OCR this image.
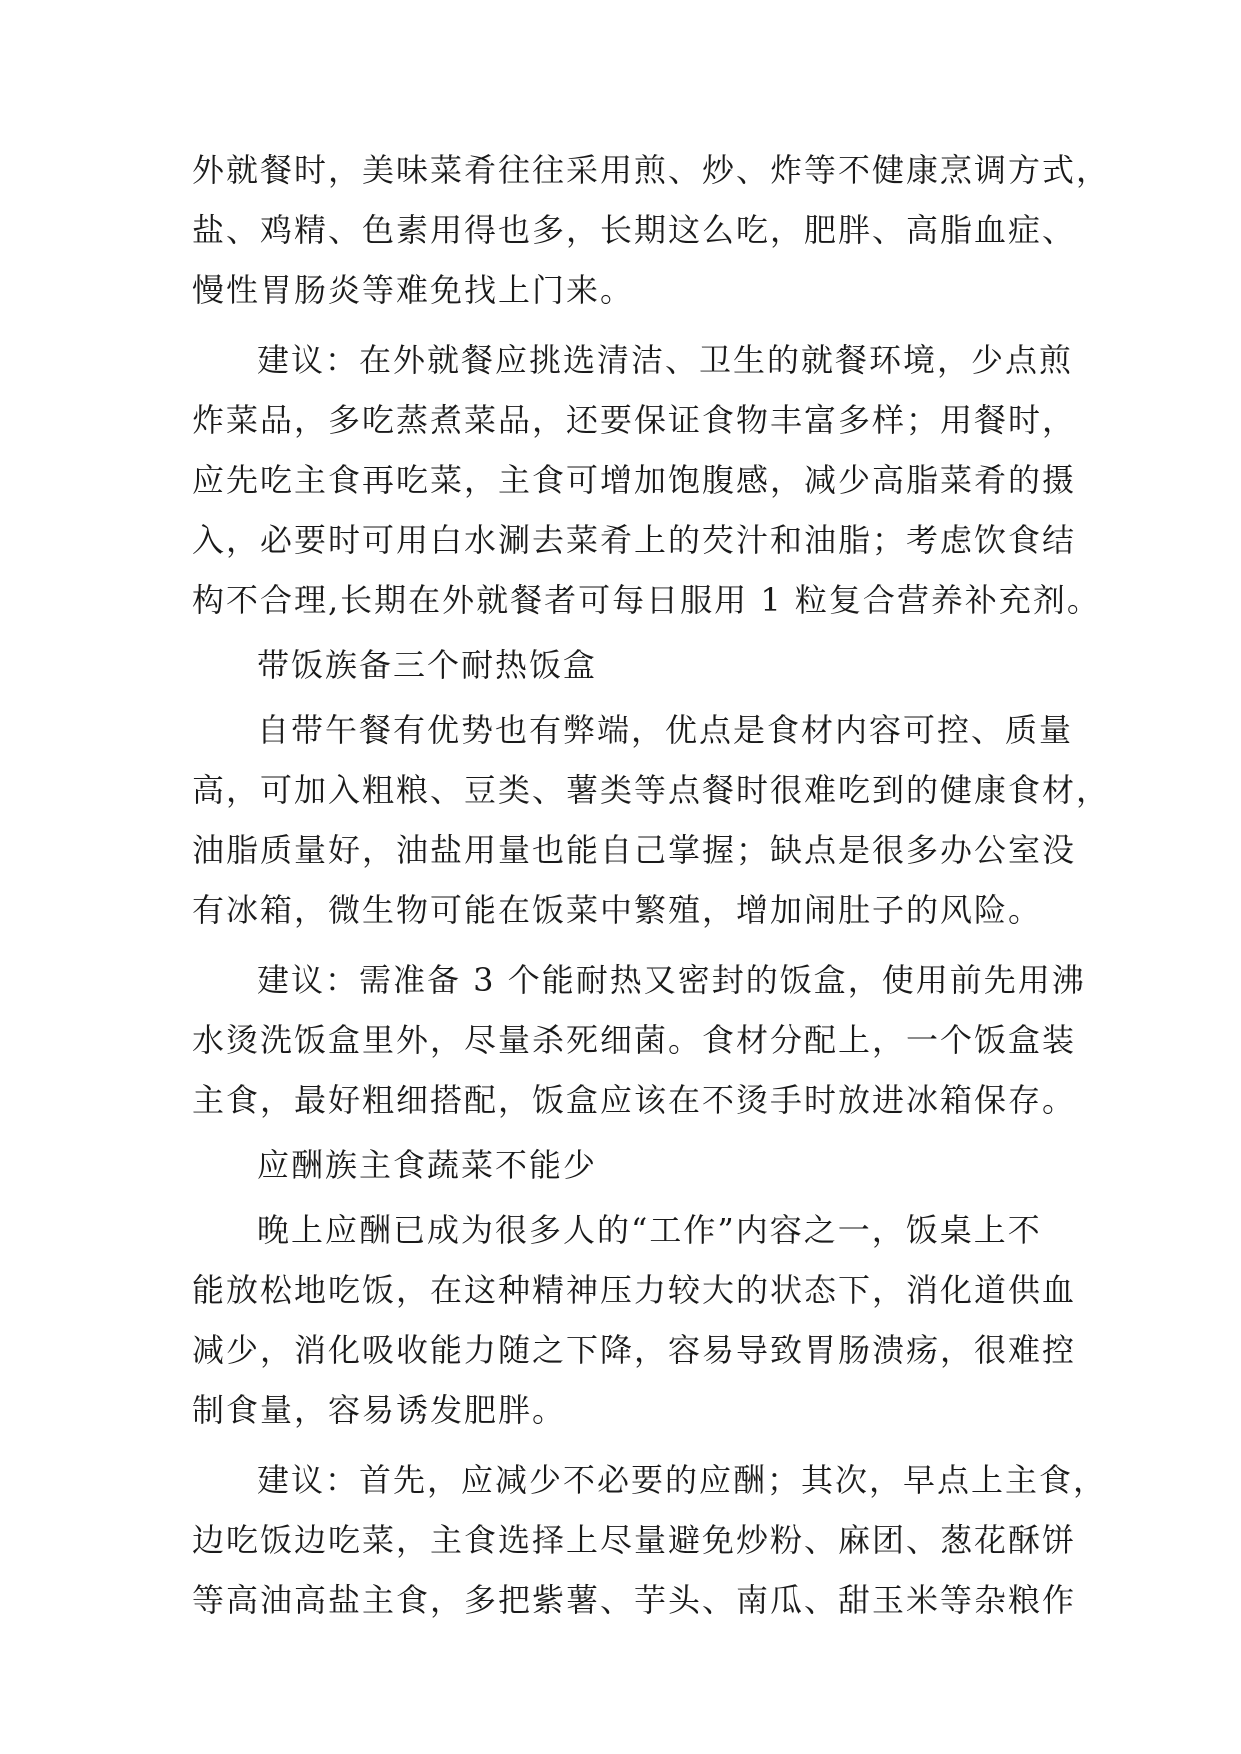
外就餐时，美味菜肴往往采用煎、炒、炸等不健康烹调方式，
盐、鸡精、色素用得也多，长期这么吃，肥胖、高脂血症、
慢性胃肠炎等难免找上门来。
建议：在外就餐应挑选清洁、卫生的就餐环境，少点煎
炸菜品，多吃蒸煮菜品，还要保证食物丰富多样；用餐时，
应先吃主食再吃菜，主食可增加饱腹感，减少高脂菜肴的摄
入，必要时可用白水涮去菜肴上的芡汁和油脂；考虑饮食结
构不合理,长期在外就餐者可每日服用 1 粒复合营养补充剂。
带饭族备三个耐热饭盒
自带午餐有优势也有弊端，优点是食材内容可控、质量
高，可加入粗粮、豆类、薯类等点餐时很难吃到的健康食材，
油脂质量好，油盐用量也能自己掌握；缺点是很多办公室没
有冰箱，微生物可能在饭菜中繁殖，增加闹肚子的风险。
建议：需准备 3 个能耐热又密封的饭盒，使用前先用沸
水烫洗饭盒里外，尽量杀死细菌。食材分配上，一个饭盒装
主食，最好粗细搭配，饭盒应该在不烫手时放进冰箱保存。
应酬族主食蔬菜不能少
晚上应酬已成为很多人的“工作”内容之一，饭桌上不
能放松地吃饭，在这种精神压力较大的状态下，消化道供血
减少，消化吸收能力随之下降，容易导致胃肠溃疡，很难控
制食量，容易诱发肥胖。
建议：首先，应减少不必要的应酬；其次，早点上主食，
边吃饭边吃菜，主食选择上尽量避免炒粉、麻团、葱花酥饼
等高油高盐主食，多把紫薯、芋头、南瓜、甜玉米等杂粮作
